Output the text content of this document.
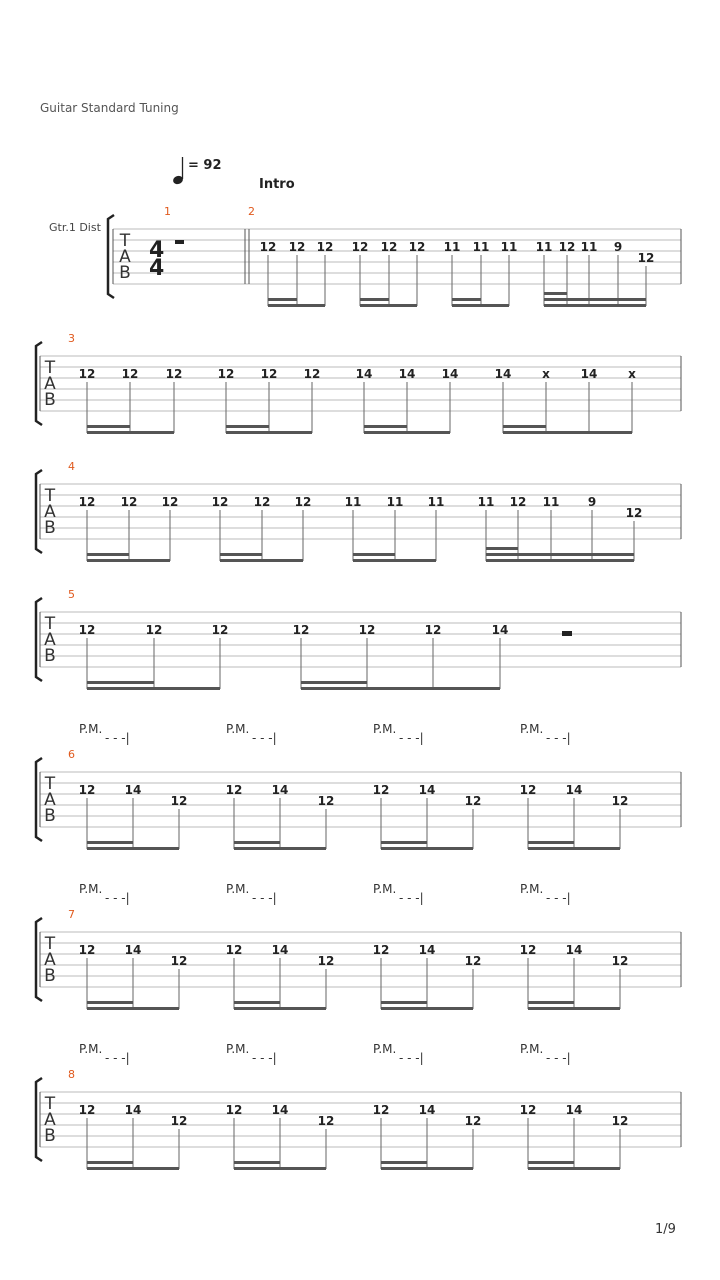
Guitar Standard Tuning
= 92
Intro
Gtr.1 Dist
T
A
B
1	2
12 12 12 12 12 12 11 11 11 11 12 11 9
12
T
A
B
3
12 12 12	12 12 12	14 14 14	14	x	14	x
T
A
B
4
12 12 12	12 12 12	11 11 11	11 12 11 9
12
T
A
B
5
12	12	12	12	12	12	14
T
A
B
6
12 14
12
12 14
12
12 14
12
12 14
12
P.M.
- - -|
P.M.
- - -|
P.M.
- - -|
P.M.
- - -|
T
A
B
7
12 14
12
12 14
12
12 14
12
12 14
12
P.M.
- - -|
P.M.
- - -|
P.M.
- - -|
P.M.
- - -|
T
A
B
8
12 14
12
12 14
12
12 14
12
12 14
12
P.M.
- - -|
P.M.
- - -|
P.M.
- - -|
P.M.
- - -|
4
4
1/9
